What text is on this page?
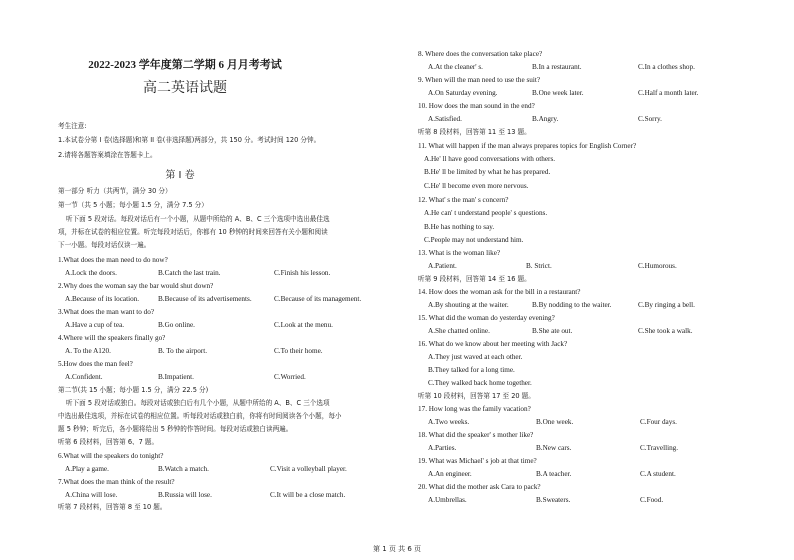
2022-2023 学年度第二学期 6 月月考考试
高二英语试题
考生注意:
1.本试卷分第 I 卷(选择题)和第 II 卷(非选择题)两部分，共 150 分。考试时间 120 分钟。
2.请将各题答案填涂在答题卡上。
第一部分 听力（共两节，满分 30 分）
第一节（共 5 小题；每小题 1.5 分，满分 7.5 分）
听下面 5 段对话。每段对话后有一个小题，从题中所给的 A、B、C 三个选项中选出最佳选
项，并标在试卷的相应位置。听完每段对话后，你都有 10 秒钟的时间来回答有关小题和阅读
下一小题。每段对话仅读一遍。
1.What does the man need to do now?
A.Lock the doors.	B.Catch the last train.	C.Finish his lesson.
2.Why does the woman say the bar would shut down?
A.Because of its location.	B.Because of its advertisements.	C.Because of its management.
3.What does the man want to do?
A.Have a cup of tea.	B.Go online.	C.Look at the menu.
4.Where will the speakers finally go?
A. To the A120.	B. To the airport.	C.To their home.
5.How does the man feel?
A.Confident.	B.Impatient.	C.Worried.
第二节(共 15 小题；每小题 1.5 分，满分 22.5 分)
听下面 5 段对话或独白。每段对话或独白后有几个小题，从题中所给的 A、B、C 三个选项
中选出最佳选项，并标在试卷的相应位置。听每段对话或独白前，你将有时间阅读各个小题，每小
题 5 秒钟；听完后，各小题将给出 5 秒钟的作答时间。每段对话或独白读两遍。
听第 6 段材料，回答第 6、7 题。
6.What will the speakers do tonight?
A.Play a game.	B.Watch a match.	C.Visit a volleyball player.
7.What does the man think of the result?
A.China will lose.	B.Russia will lose.	C.It will be a close match.
听第 7 段材料，回答第 8 至 10 题。
第 I 卷
8. Where does the conversation take place?
A.At the cleaner' s.	B.In a restaurant.	C.In a clothes shop.
9. When will the man need to use the suit?
A.On Saturday evening.	B.One week later.	C.Half a month later.
10. How does the man sound in the end?
A.Satisfied.	B.Angry.	C.Sorry.
听第 8 段材料，回答第 11 至 13 题。
11. What will happen if the man always prepares topics for English Corner?
A.He' ll have good conversations with others.
B.He' ll be limited by what he has prepared.
C.He' ll become even more nervous.
12. What' s the man' s concern?
A.He can' t understand people' s questions.
B.He has nothing to say.
C.People may not understand him.
13. What is the woman like?
A.Patient.	B. Strict.	C.Humorous.
听第 9 段材料，回答第 14 至 16 题。
14. How does the woman ask for the bill in a restaurant?
A.By shouting at the waiter.	B.By nodding to the waiter.	C.By ringing a bell.
15. What did the woman do yesterday evening?
A.She chatted online.	B.She ate out.	C.She took a walk.
16. What do we know about her meeting with Jack?
A.They just waved at each other.
B.They talked for a long time.
C.They walked back home together.
听第 10 段材料，回答第 17 至 20 题。
17. How long was the family vacation?
A.Two weeks.	B.One week.	C.Four days.
18. What did the speaker' s mother like?
A.Parties.	B.New cars.	C.Travelling.
19. What was Michael' s job at that time?
A.An engineer.	B.A teacher.	C.A student.
20. What did the mother ask Cara to pack?
A.Umbrellas.	B.Sweaters.	C.Food.
第 1 页 共 6 页
